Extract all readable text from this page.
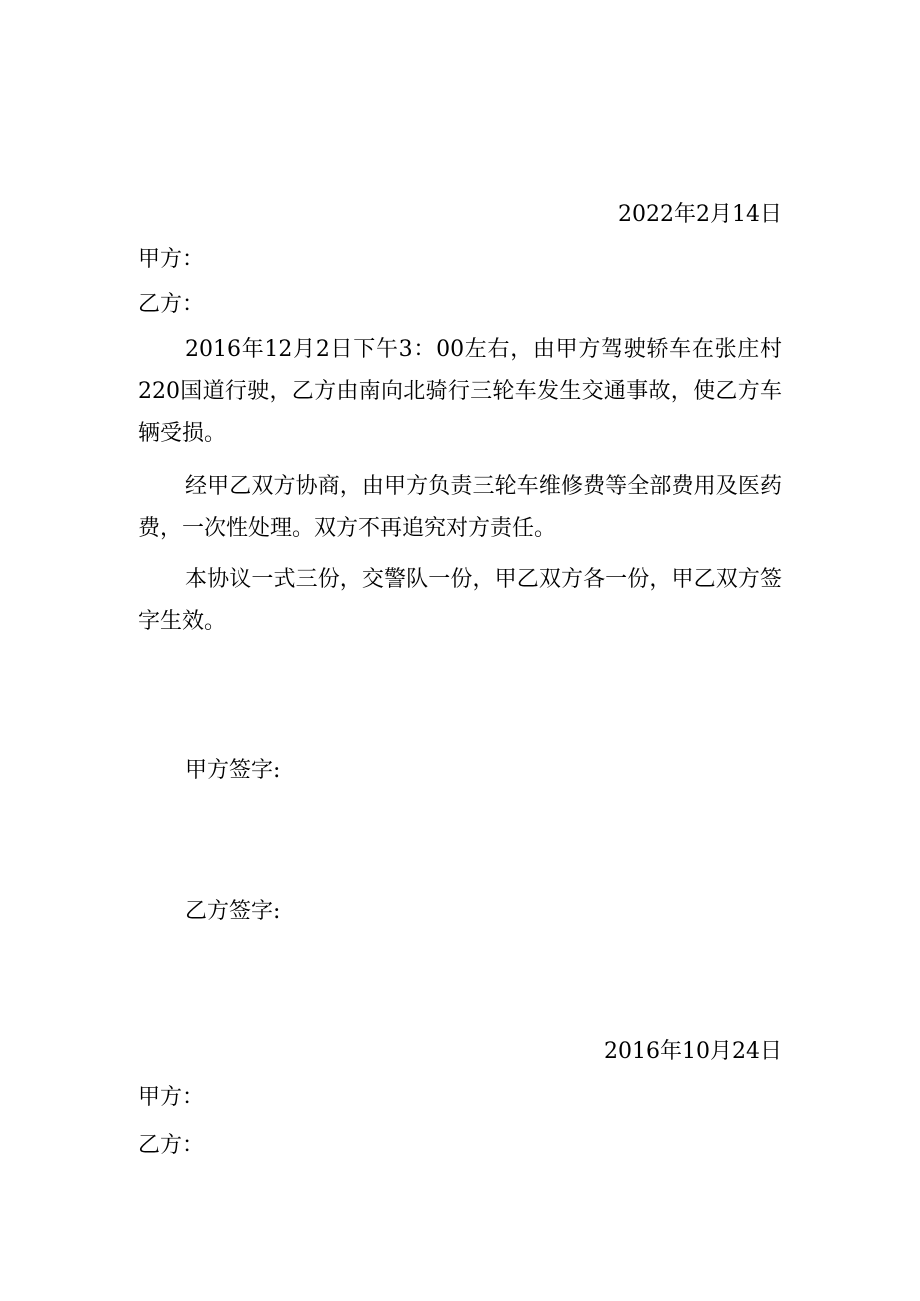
2022年2月14日
甲方：
乙方：

2016年12月2日下午3：00左右，由甲方驾驶轿车在张庄村220国道行驶，乙方由南向北骑行三轮车发生交通事故，使乙方车辆受损。

经甲乙双方协商，由甲方负责三轮车维修费等全部费用及医药费，一次性处理。双方不再追究对方责任。

本协议一式三份，交警队一份，甲乙双方各一份，甲乙双方签字生效。

甲方签字:
乙方签字:
2016年10月24日
甲方：
乙方：
